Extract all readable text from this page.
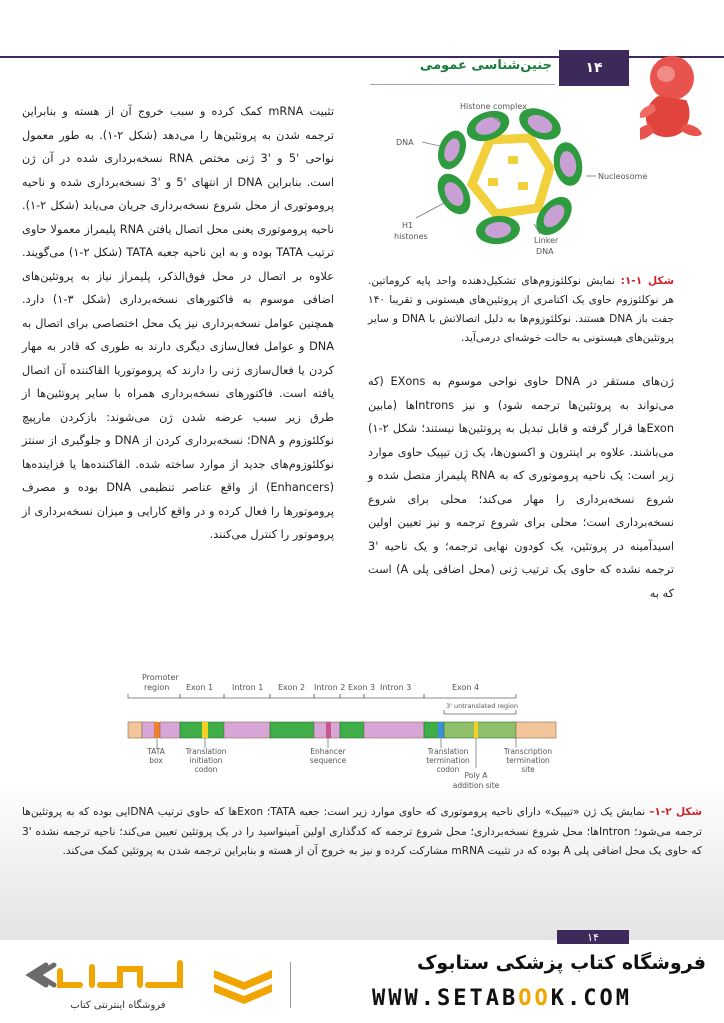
۱۴
جنین‌شناسی عمومی
Histone complex
DNA
Nucleosome
H1
histones	Linker
DNA
شکل ۱-۱: نمایش نوکلئوزوم‌های تشکیل‌دهنده واحد پایه کروماتین. هر نوکلئوزوم حاوی یک اکتامری از پروتئین‌های هیستونی و تقریبا ۱۴۰ جفت باز DNA هستند. نوکلئوزوم‌ها به دلیل اتصالاتش با DNA و سایر پروتئین‌های هیستونی به حالت خوشه‌ای درمی‌آید.
تثبیت mRNA کمک کرده و سبب خروج آن از هسته و بنابراین ترجمه شدن به پروتئین‌ها را می‌دهد (شکل ۲-۱). به طور معمول نواحی '5 و '3 ژنی مختص RNA نسخه‌برداری شده در آن ژن است. بنابراین DNA از انتهای '5 و '3 نسخه‌برداری شده و ناحیه پروموتوری از محل شروع نسخه‌برداری جریان می‌یابد (شکل ۲-۱). ناحیه پروموتوری یعنی محل اتصال یافتن RNA پلیمراز معمولا حاوی ترتیب TATA بوده و به این ناحیه جعبه TATA (شکل ۲-۱) می‌گویند. علاوه بر اتصال در محل فوق‌الذکر، پلیمراز نیاز به پروتئین‌های اضافی موسوم به فاکتورهای نسخه‌برداری (شکل ۳-۱) دارد. همچنین عوامل نسخه‌برداری نیز یک محل اختصاصی برای اتصال به DNA و عوامل فعال‌سازی دیگری دارند به طوری که قادر به مهار کردن یا فعال‌سازی ژنی را دارند که پروموتوریا القاکننده آن اتصال یافته است. فاکتورهای نسخه‌برداری همراه با سایر پروتئین‌ها از طرق زیر سبب عرضه شدن ژن می‌شوند: بازکردن مارپیچ نوکلئوزوم و DNA؛ نسخه‌برداری کردن از DNA و جلوگیری از سنتز نوکلئوزوم‌های جدید از موارد ساخته شده. القاکننده‌ها یا فزاینده‌ها (Enhancers) از واقع عناصر تنظیمی DNA بوده و مصرف پروموتورها را فعال کرده و در واقع کارایی و میزان نسخه‌برداری از پروموتور را کنترل می‌کنند.
ژن‌های مستقر در DNA حاوی نواحی موسوم به EXons (که می‌تواند به پروتئین‌ها ترجمه شود) و نیز Intronsها (مابین Exonها قرار گرفته و قابل تبدیل به پروتئین‌ها نیستند؛ شکل ۲-۱) می‌باشند. علاوه بر اینترون و اکسون‌ها، یک ژن تیپیک حاوی موارد زیر است: یک ناحیه پروموتوری که به RNA پلیمراز متصل شده و شروع نسخه‌برداری را مهار می‌کند؛ محلی برای شروع نسخه‌برداری است؛ محلی برای شروع ترجمه و نیز تعیین اولین اسیدآمینه در پروتئین، یک کودون نهایی ترجمه؛ و یک ناحیه '3 ترجمه نشده که حاوی یک ترتیب ژنی (محل اضافی پلی A) است که به
Promoter
region Exon 1 Intron 1 Exon 2 Intron 2 Exon 3 Intron 3	Exon 4
3' untranslated region
TATA
box
Translation
initiation
codon
Enhancer
sequence
Translation
termination
codon
Transcription
termination
site
Poly A
addition site
شکل ۲-۱– نمایش یک ژن «تیپیک» دارای ناحیه پروموتوری که حاوی موارد زیر است: جعبه TATA؛ Exonها که حاوی ترتیب DNAایی بوده که به پروتئین‌ها ترجمه می‌شود؛ Intronها؛ محل شروع نسخه‌برداری؛ محل شروع ترجمه که کدگذاری اولین آمینواسید را در یک پروتئین تعیین می‌کند؛ ناحیه ترجمه نشده '3 که حاوی یک محل اضافی پلی A بوده که در تثبیت mRNA مشارکت کرده و نیز به خروج آن از هسته و بنابراین ترجمه شدن به پروتئین کمک می‌کند.
۱۴
فروشگاه کتاب پزشکی ستابوک
WWW.SETABOOK.COM
فروشگاه اینترنتی کتاب
